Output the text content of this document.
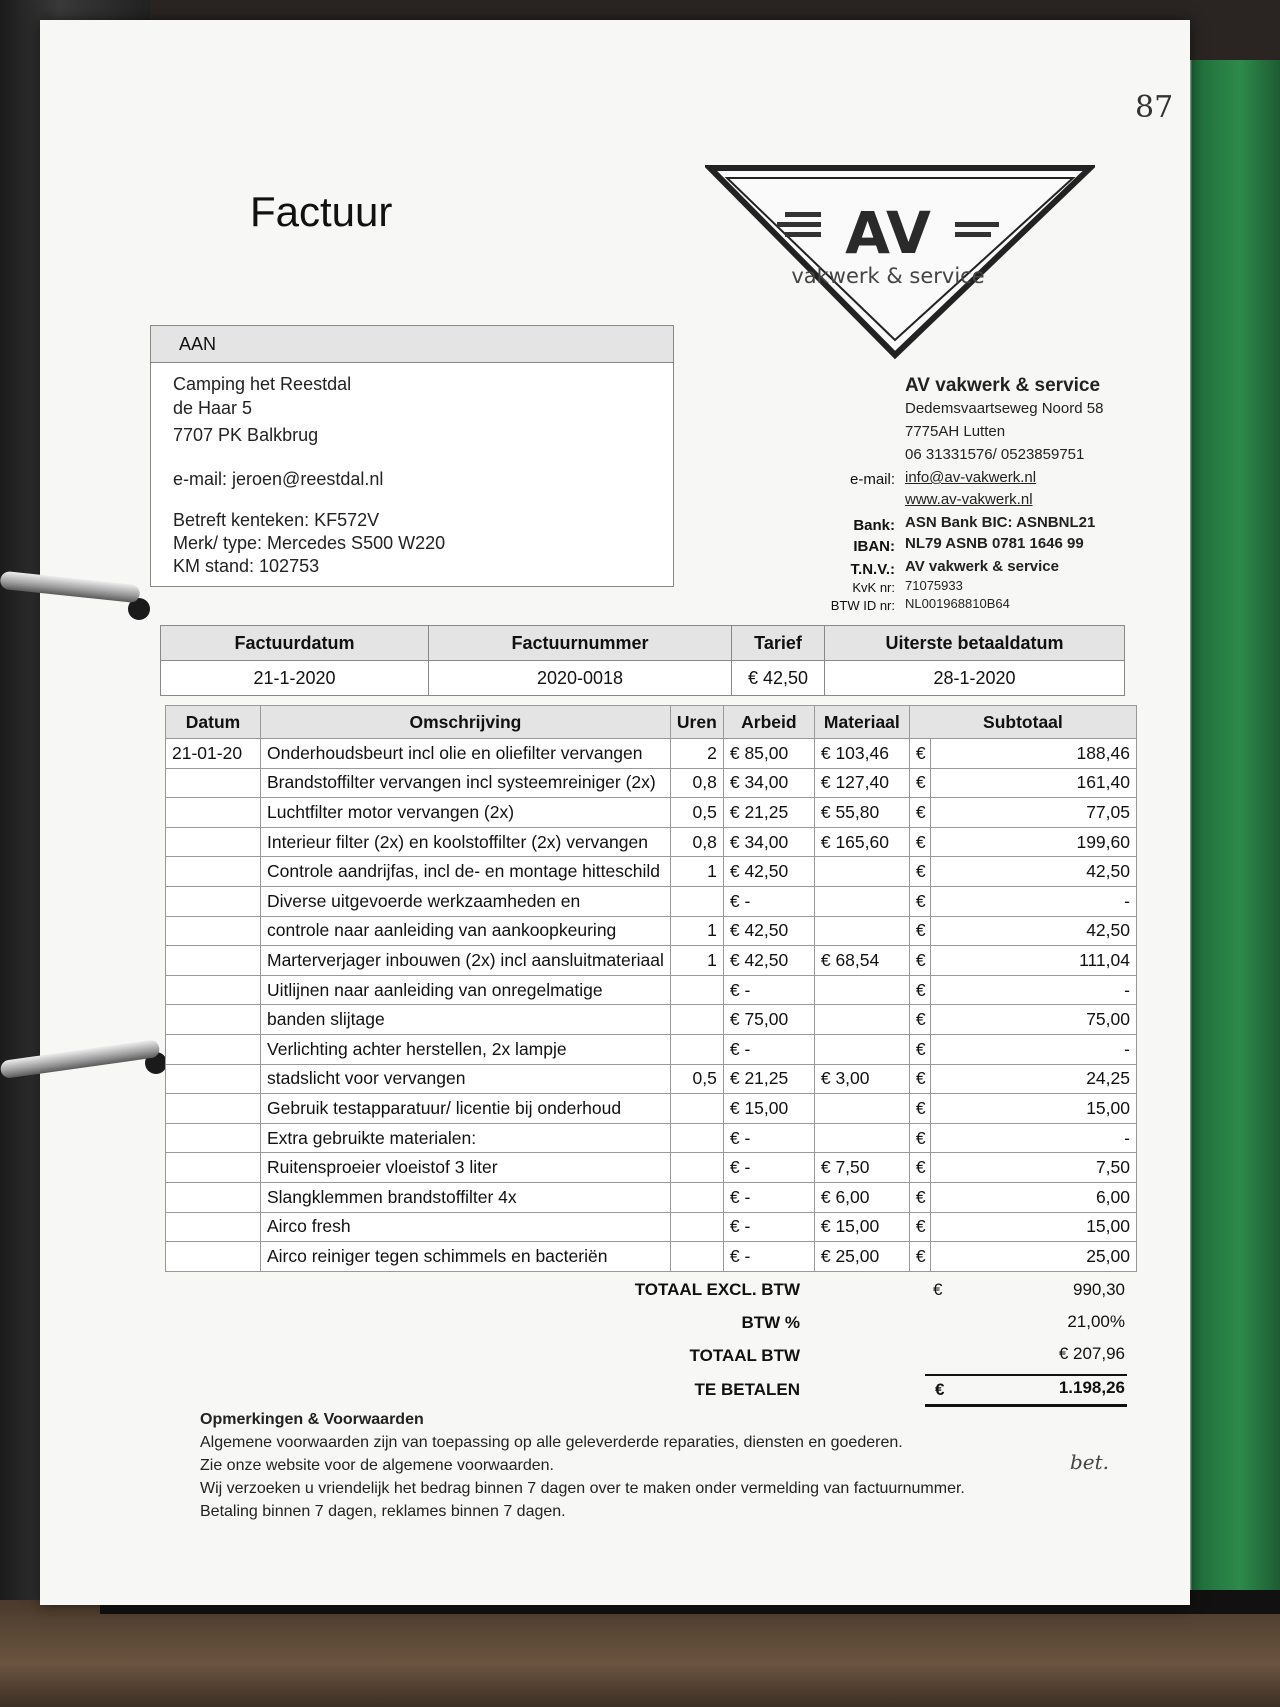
87
Factuur	AV
vakwerk & service
AAN
Camping het Reestdal
de Haar 5
7707 PK Balkbrug
e-mail: jeroen@reestdal.nl
Betreft kenteken: KF572V
Merk/ type: Mercedes S500 W220
KM stand: 102753
AV vakwerk & service
Dedemsvaartseweg Noord 58
7775AH Lutten
06 31331576/ 0523859751
e-mail: info@av-vakwerk.nl
www.av-vakwerk.nl
Bank: ASN Bank BIC: ASNBNL21
IBAN: NL79 ASNB 0781 1646 99
T.N.V.: AV vakwerk & service
KvK nr: 71075933
BTW ID nr: NL001968810B64
Factuurdatum	Factuurnummer	Tarief	Uiterste betaaldatum
21-1-2020	2020-0018	€ 42,50	28-1-2020
Datum	Omschrijving	Uren	Arbeid	Materiaal	Subtotaal	
21-01-20	Onderhoudsbeurt incl olie en oliefilter vervangen	2	€ 85,00	€ 103,46	€	188,46
	Brandstoffilter vervangen incl systeemreiniger (2x)	0,8	€ 34,00	€ 127,40	€	161,40
	Luchtfilter motor vervangen (2x)	0,5	€ 21,25	€ 55,80	€	77,05
	Interieur filter (2x) en koolstoffilter (2x) vervangen	0,8	€ 34,00	€ 165,60	€	199,60
	Controle aandrijfas, incl de- en montage hitteschild	1	€ 42,50		€	42,50
	Diverse uitgevoerde werkzaamheden en		€ -		€	-
	controle naar aanleiding van aankoopkeuring	1	€ 42,50		€	42,50
	Marterverjager inbouwen (2x) incl aansluitmateriaal	1	€ 42,50	€ 68,54	€	111,04
	Uitlijnen naar aanleiding van onregelmatige		€ -		€	-
	banden slijtage		€ 75,00		€	75,00
	Verlichting achter herstellen, 2x lampje		€ -		€	-
	stadslicht voor vervangen	0,5	€ 21,25	€ 3,00	€	24,25
	Gebruik testapparatuur/ licentie bij onderhoud		€ 15,00		€	15,00
	Extra gebruikte materialen:		€ -		€	-
	Ruitensproeier vloeistof 3 liter		€ -	€ 7,50	€	7,50
	Slangklemmen brandstoffilter 4x		€ -	€ 6,00	€	6,00
	Airco fresh		€ -	€ 15,00	€	15,00
	Airco reiniger tegen schimmels en bacteriën		€ -	€ 25,00	€	25,00
TOTAAL EXCL. BTW	€	990,30
BTW %	21,00%
TOTAAL BTW	€ 207,96
TE BETALEN	€	1.198,26
Opmerkingen & Voorwaarden
Algemene voorwaarden zijn van toepassing op alle geleverderde reparaties, diensten en goederen.
Zie onze website voor de algemene voorwaarden.
Wij verzoeken u vriendelijk het bedrag binnen 7 dagen over te maken onder vermelding van factuurnummer.
Betaling binnen 7 dagen, reklames binnen 7 dagen.
bet.
